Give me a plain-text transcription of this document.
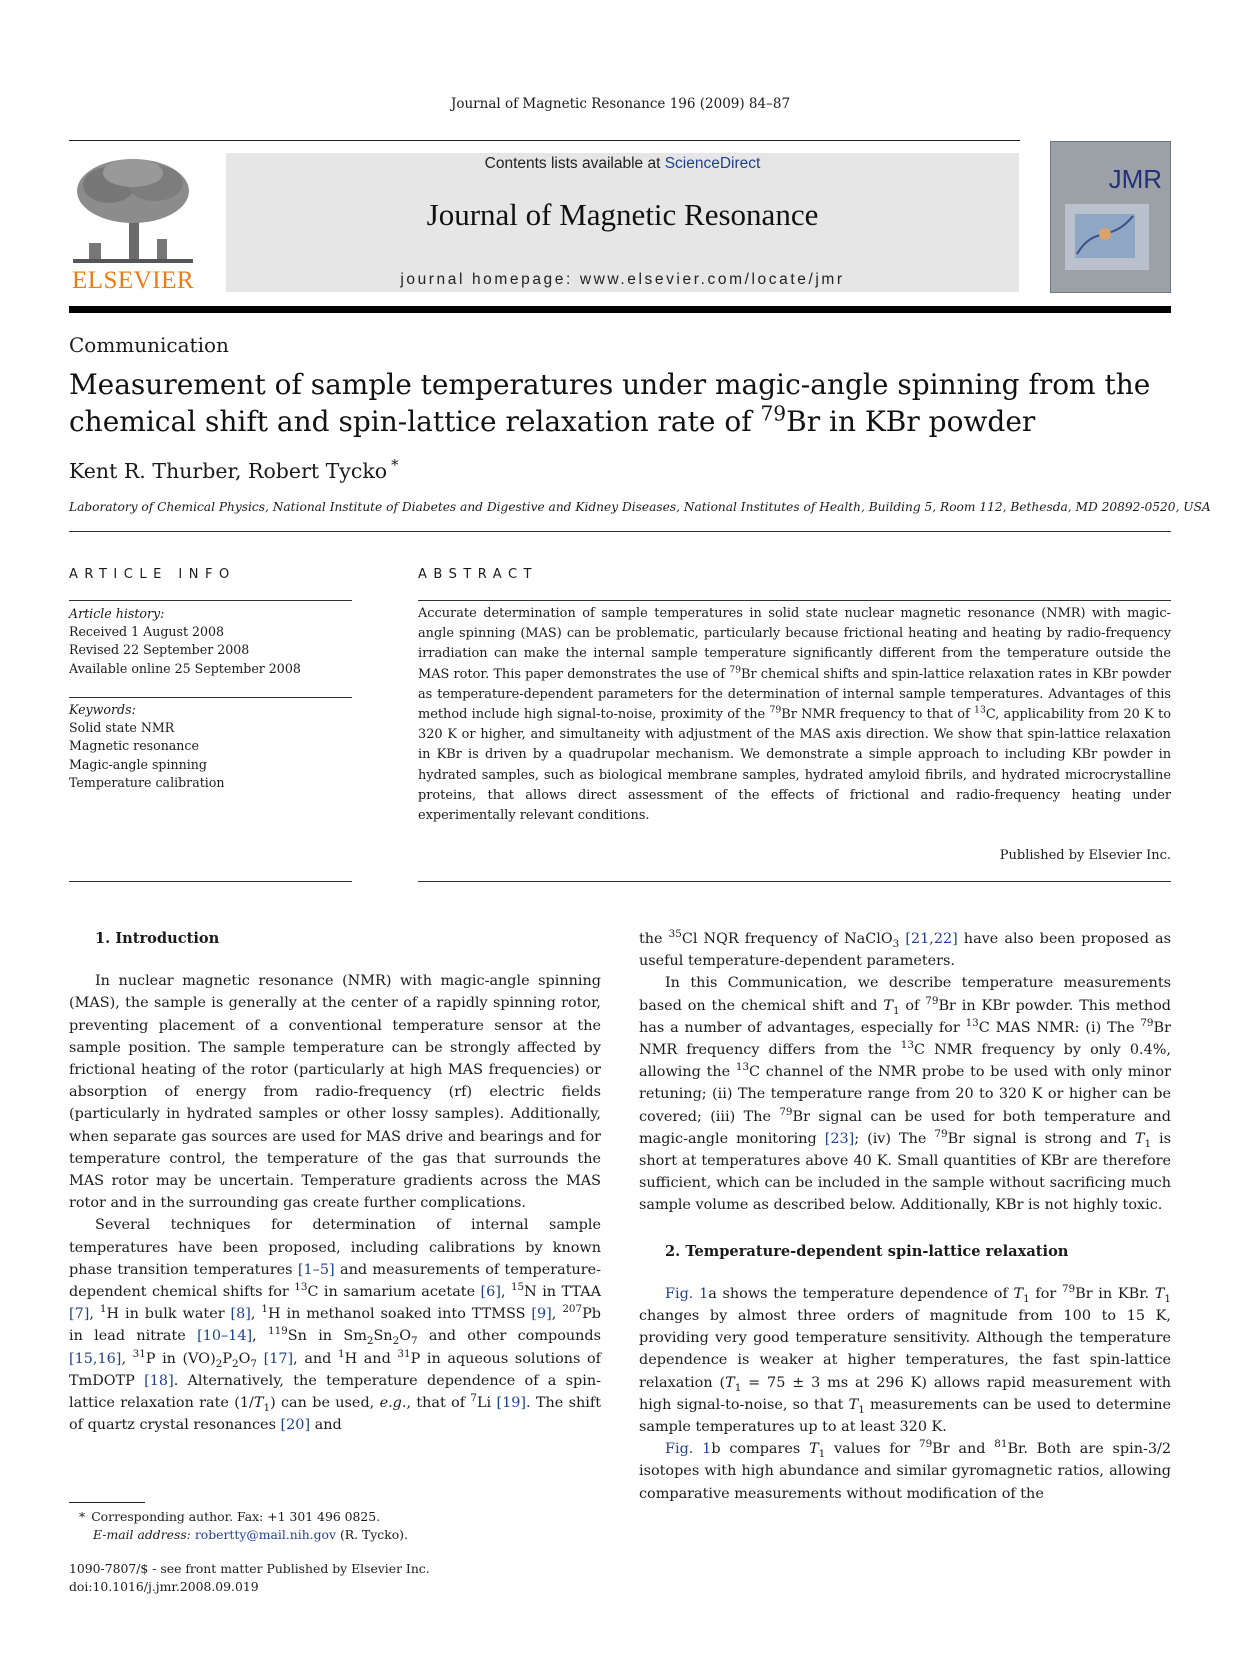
Journal of Magnetic Resonance 196 (2009) 84–87
ELSEVIER
Contents lists available at ScienceDirect
Journal of Magnetic Resonance
journal homepage: www.elsevier.com/locate/jmr
JMR
Communication
Measurement of sample temperatures under magic-angle spinning from the
chemical shift and spin-lattice relaxation rate of $^{79}$Br in KBr powder
Kent R. Thurber, Robert Tycko *
Laboratory of Chemical Physics, National Institute of Diabetes and Digestive and Kidney Diseases, National Institutes of Health, Building 5, Room 112, Bethesda, MD 20892-0520, USA
ARTICLE INFO
Article history:
Received 1 August 2008
Revised 22 September 2008
Available online 25 September 2008
Keywords:
Solid state NMR
Magnetic resonance
Magic-angle spinning
Temperature calibration
ABSTRACT
Accurate determination of sample temperatures in solid state nuclear magnetic resonance (NMR) with magic-angle spinning (MAS) can be problematic, particularly because frictional heating and heating by radio-frequency irradiation can make the internal sample temperature significantly different from the temperature outside the MAS rotor. This paper demonstrates the use of $^{79}$Br chemical shifts and spin-lattice relaxation rates in KBr powder as temperature-dependent parameters for the determination of internal sample temperatures. Advantages of this method include high signal-to-noise, proximity of the $^{79}$Br NMR frequency to that of $^{13}$C, applicability from 20 K to 320 K or higher, and simultaneity with adjustment of the MAS axis direction. We show that spin-lattice relaxation in KBr is driven by a quadrupolar mechanism. We demonstrate a simple approach to including KBr powder in hydrated samples, such as biological membrane samples, hydrated amyloid fibrils, and hydrated microcrystalline proteins, that allows direct assessment of the effects of frictional and radio-frequency heating under experimentally relevant conditions.
Published by Elsevier Inc.

1. Introduction

In nuclear magnetic resonance (NMR) with magic-angle spinning (MAS), the sample is generally at the center of a rapidly spinning rotor, preventing placement of a conventional temperature sensor at the sample position. The sample temperature can be strongly affected by frictional heating of the rotor (particularly at high MAS frequencies) or absorption of energy from radio-frequency (rf) electric fields (particularly in hydrated samples or other lossy samples). Additionally, when separate gas sources are used for MAS drive and bearings and for temperature control, the temperature of the gas that surrounds the MAS rotor may be uncertain. Temperature gradients across the MAS rotor and in the surrounding gas create further complications.

Several techniques for determination of internal sample temperatures have been proposed, including calibrations by known phase transition temperatures [1–5] and measurements of temperature-dependent chemical shifts for $^{13}$C in samarium acetate [6], $^{15}$N in TTAA [7], $^1$H in bulk water [8], $^1$H in methanol soaked into TTMSS [9], $^{207}$Pb in lead nitrate [10–14], $^{119}$Sn in $Sm_2Sn_2O_7$ and other compounds [15,16], $^{31}$P in $(VO)_2P_2O_7$ [17], and $^1$H and $^{31}$P in aqueous solutions of TmDOTP [18]. Alternatively, the temperature dependence of a spin-lattice relaxation rate $(1/T_1)$ can be used, e.g., that of $^7$Li [19]. The shift of quartz crystal resonances [20] and

the $^{35}$Cl NQR frequency of NaClO$_3$ [21,22] have also been proposed as useful temperature-dependent parameters.

In this Communication, we describe temperature measurements based on the chemical shift and $T_1$ of $^{79}$Br in KBr powder. This method has a number of advantages, especially for $^{13}$C MAS NMR: (i) The $^{79}$Br NMR frequency differs from the $^{13}$C NMR frequency by only 0.4%, allowing the $^{13}$C channel of the NMR probe to be used with only minor retuning; (ii) The temperature range from 20 to 320 K or higher can be covered; (iii) The $^{79}$Br signal can be used for both temperature and magic-angle monitoring [23]; (iv) The $^{79}$Br signal is strong and $T_1$ is short at temperatures above 40 K. Small quantities of KBr are therefore sufficient, which can be included in the sample without sacrificing much sample volume as described below. Additionally, KBr is not highly toxic.

2. Temperature-dependent spin-lattice relaxation

Fig. 1a shows the temperature dependence of $T_1$ for $^{79}$Br in KBr. $T_1$ changes by almost three orders of magnitude from 100 to 15 K, providing very good temperature sensitivity. Although the temperature dependence is weaker at higher temperatures, the fast spin-lattice relaxation ($T_1 = 75 \pm 3$ ms at 296 K) allows rapid measurement with high signal-to-noise, so that $T_1$ measurements can be used to determine sample temperatures up to at least 320 K.

Fig. 1b compares $T_1$ values for $^{79}$Br and $^{81}$Br. Both are spin-3/2 isotopes with high abundance and similar gyromagnetic ratios, allowing comparative measurements without modification of the

* Corresponding author. Fax: +1 301 496 0825.
E-mail address: robertty@mail.nih.gov (R. Tycko).
1090-7807/$ - see front matter Published by Elsevier Inc.
doi:10.1016/j.jmr.2008.09.019
